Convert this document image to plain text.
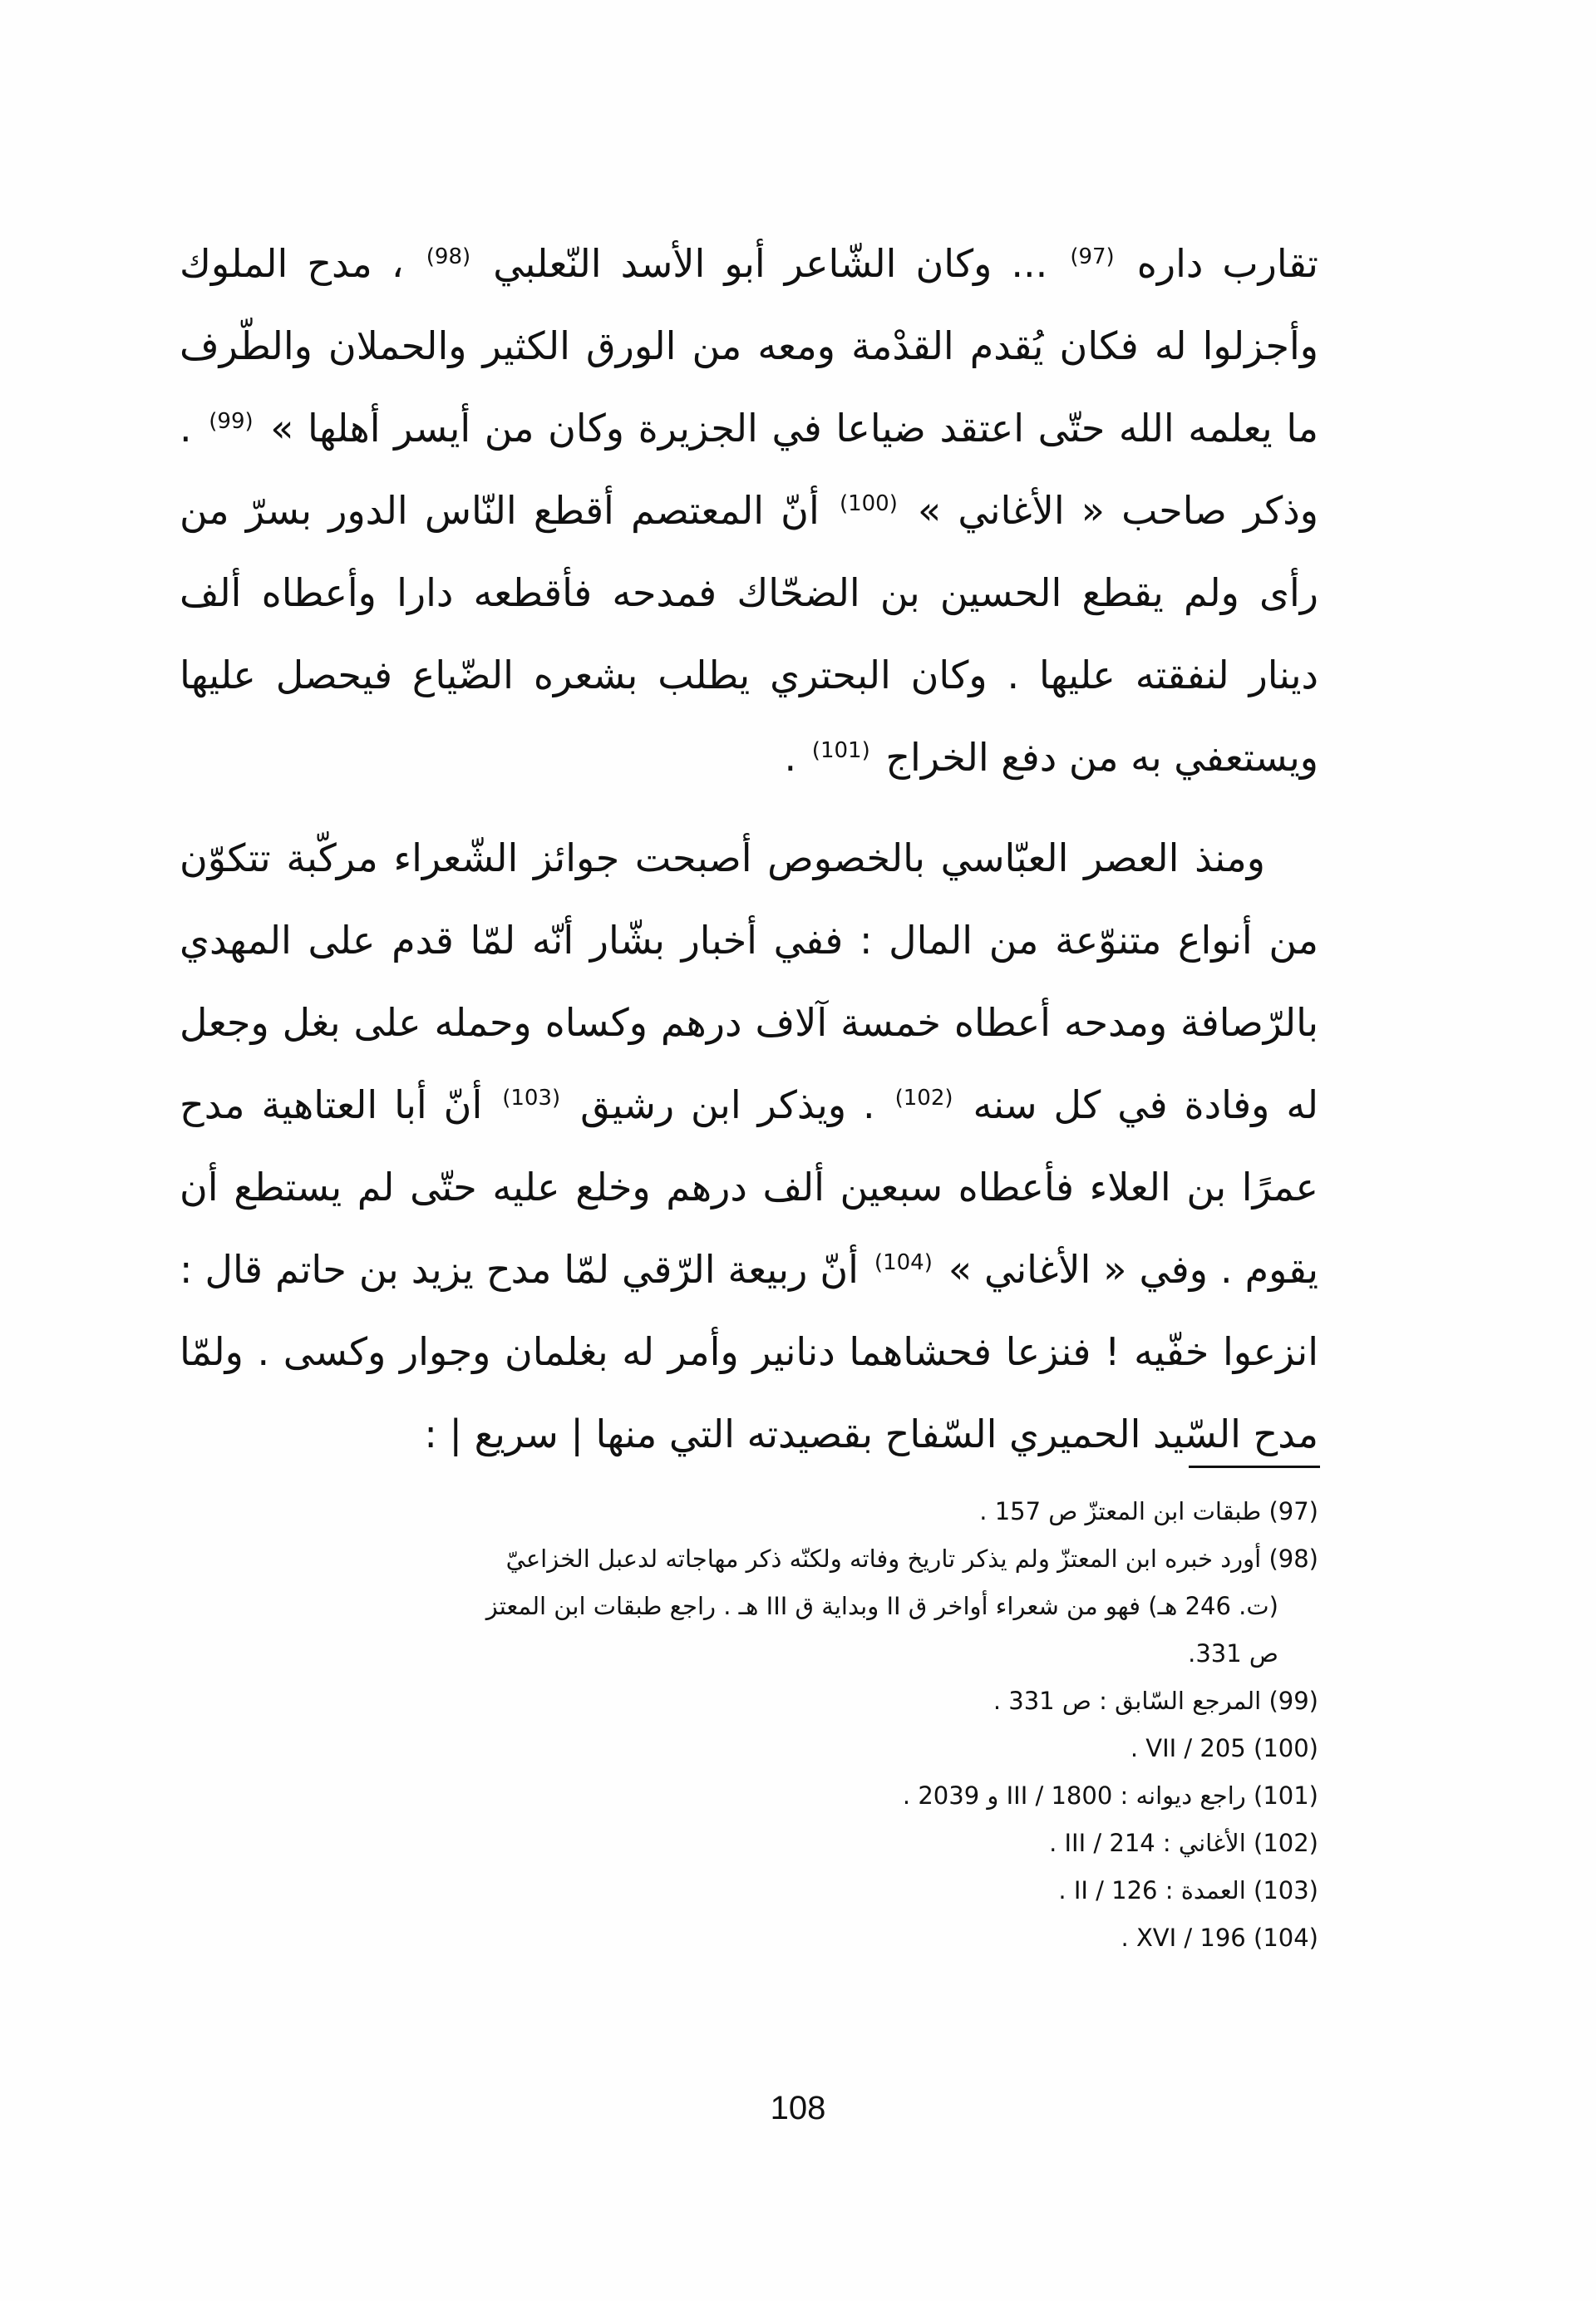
تقارب داره $^{(97)}$ ... وكان الشّاعر أبو الأسد النّعلبي $^{(98)}$ ، مدح الملوك وأجزلوا له فكان يُقدم القدْمة ومعه من الورق الكثير والحملان والطّرف ما يعلمه الله حتّى اعتقد ضياعا في الجزيرة وكان من أيسر أهلها » $^{(99)}$ . وذكر صاحب « الأغاني » $^{(100)}$ أنّ المعتصم أقطع النّاس الدور بسرّ من رأى ولم يقطع الحسين بن الضحّاك فمدحه فأقطعه دارا وأعطاه ألف دينار لنفقته عليها . وكان البحتري يطلب بشعره الضّياع فيحصل عليها ويستعفي به من دفع الخراج $^{(101)}$ .

ومنذ العصر العبّاسي بالخصوص أصبحت جوائز الشّعراء مركّبة تتكوّن من أنواع متنوّعة من المال : ففي أخبار بشّار أنّه لمّا قدم على المهدي بالرّصافة ومدحه أعطاه خمسة آلاف درهم وكساه وحمله على بغل وجعل له وفادة في كل سنه $^{(102)}$ . ويذكر ابن رشيق $^{(103)}$ أنّ أبا العتاهية مدح عمرًا بن العلاء فأعطاه سبعين ألف درهم وخلع عليه حتّى لم يستطع أن يقوم . وفي « الأغاني » $^{(104)}$ أنّ ربيعة الرّقي لمّا مدح يزيد بن حاتم قال : انزعوا خفّيه ! فنزعا فحشاهما دنانير وأمر له بغلمان وجوار وكسى . ولمّا مدح السّيد الحميري السّفاح بقصيدته التي منها | سريع | :

(97) طبقات ابن المعتزّ ص 157 .
(98) أورد خبره ابن المعتزّ ولم يذكر تاريخ وفاته ولكنّه ذكر مهاجاته لدعبل الخزاعيّ
(ت. 246 هـ) فهو من شعراء أواخر ق II وبداية ق III هـ . راجع طبقات ابن المعتز
ص 331.
(99) المرجع السّابق : ص 331 .
(100) VII / 205 .
(101) راجع ديوانه : III / 1800 و 2039 .
(102) الأغاني : III / 214 .
(103) العمدة : II / 126 .
(104) XVI / 196 .
108
